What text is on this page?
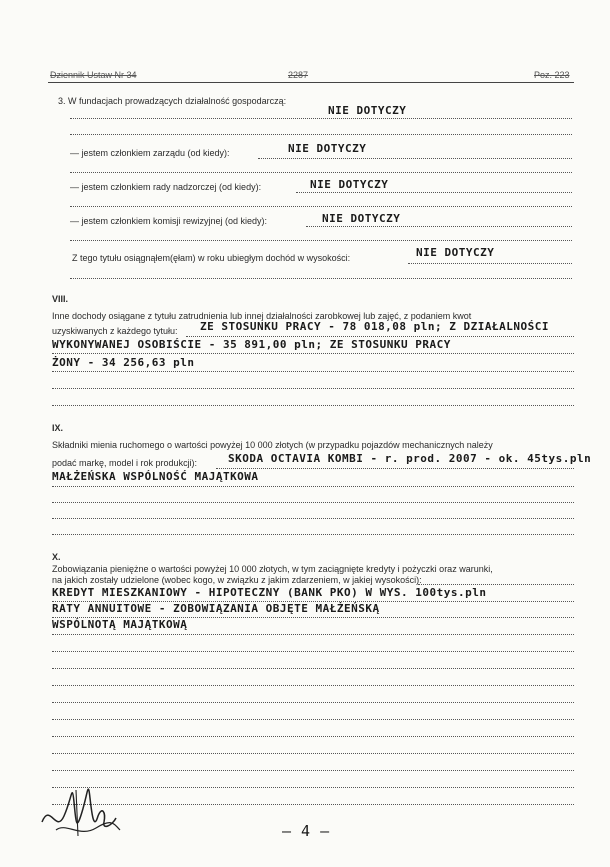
Dziennik Ustaw Nr 34	2287	Poz. 223
3. W fundacjach prowadzących działalność gospodarczą:
NIE DOTYCZY
— jestem członkiem zarządu (od kiedy):	NIE DOTYCZY
— jestem członkiem rady nadzorczej (od kiedy):	NIE DOTYCZY
— jestem członkiem komisji rewizyjnej (od kiedy):	NIE DOTYCZY
Z tego tytułu osiągnąłem(ęłam) w roku ubiegłym dochód w wysokości:	NIE DOTYCZY
VIII.
Inne dochody osiągane z tytułu zatrudnienia lub innej działalności zarobkowej lub zajęć, z podaniem kwot
uzyskiwanych z każdego tytułu: ZE STOSUNKU PRACY - 78 018,08 pln; Z DZIAŁALNOŚCI
WYKONYWANEJ OSOBIŚCIE - 35 891,00 pln; ZE STOSUNKU PRACY
ŻONY - 34 256,63 pln
IX.
Składniki mienia ruchomego o wartości powyżej 10 000 złotych (w przypadku pojazdów mechanicznych należy
podać markę, model i rok produkcji):	SKODA OCTAVIA KOMBI - r. prod. 2007 - ok. 45tys.pln
MAŁŻEŃSKA WSPÓLNOŚĆ MAJĄTKOWA
X.
Zobowiązania pieniężne o wartości powyżej 10 000 złotych, w tym zaciągnięte kredyty i pożyczki oraz warunki,
na jakich zostały udzielone (wobec kogo, w związku z jakim zdarzeniem, w jakiej wysokości):
KREDYT MIESZKANIOWY - HIPOTECZNY (BANK PKO) W WYS. 100tys.pln
RATY ANNUITOWE - ZOBOWIĄZANIA OBJĘTE MAŁŻEŃSKĄ
WSPÓLNOTĄ MAJĄTKOWĄ
— 4 —
